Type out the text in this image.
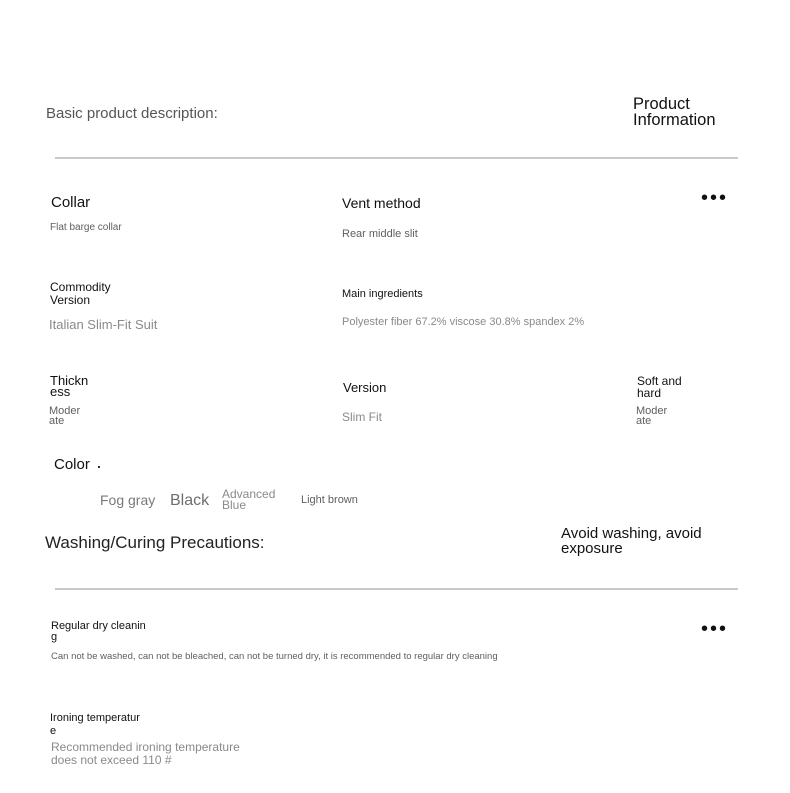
Basic product description:
Product Information
•••
Collar
Flat barge collar
Vent method
Rear middle slit
Commodity Version
Italian Slim-Fit Suit
Main ingredients
Polyester fiber 67.2% viscose 30.8% spandex 2%
Thickness
Moderate
Version
Slim Fit
Soft and hard
Moderate
Color
Fog gray Black Advanced Blue	Light brown
Washing/Curing Precautions:	Avoid washing, avoid exposure
•••
Regular dry cleaning
Can not be washed, can not be bleached, can not be turned dry, it is recommended to regular dry cleaning
Ironing temperature
Recommended ironing temperature does not exceed 110 #
